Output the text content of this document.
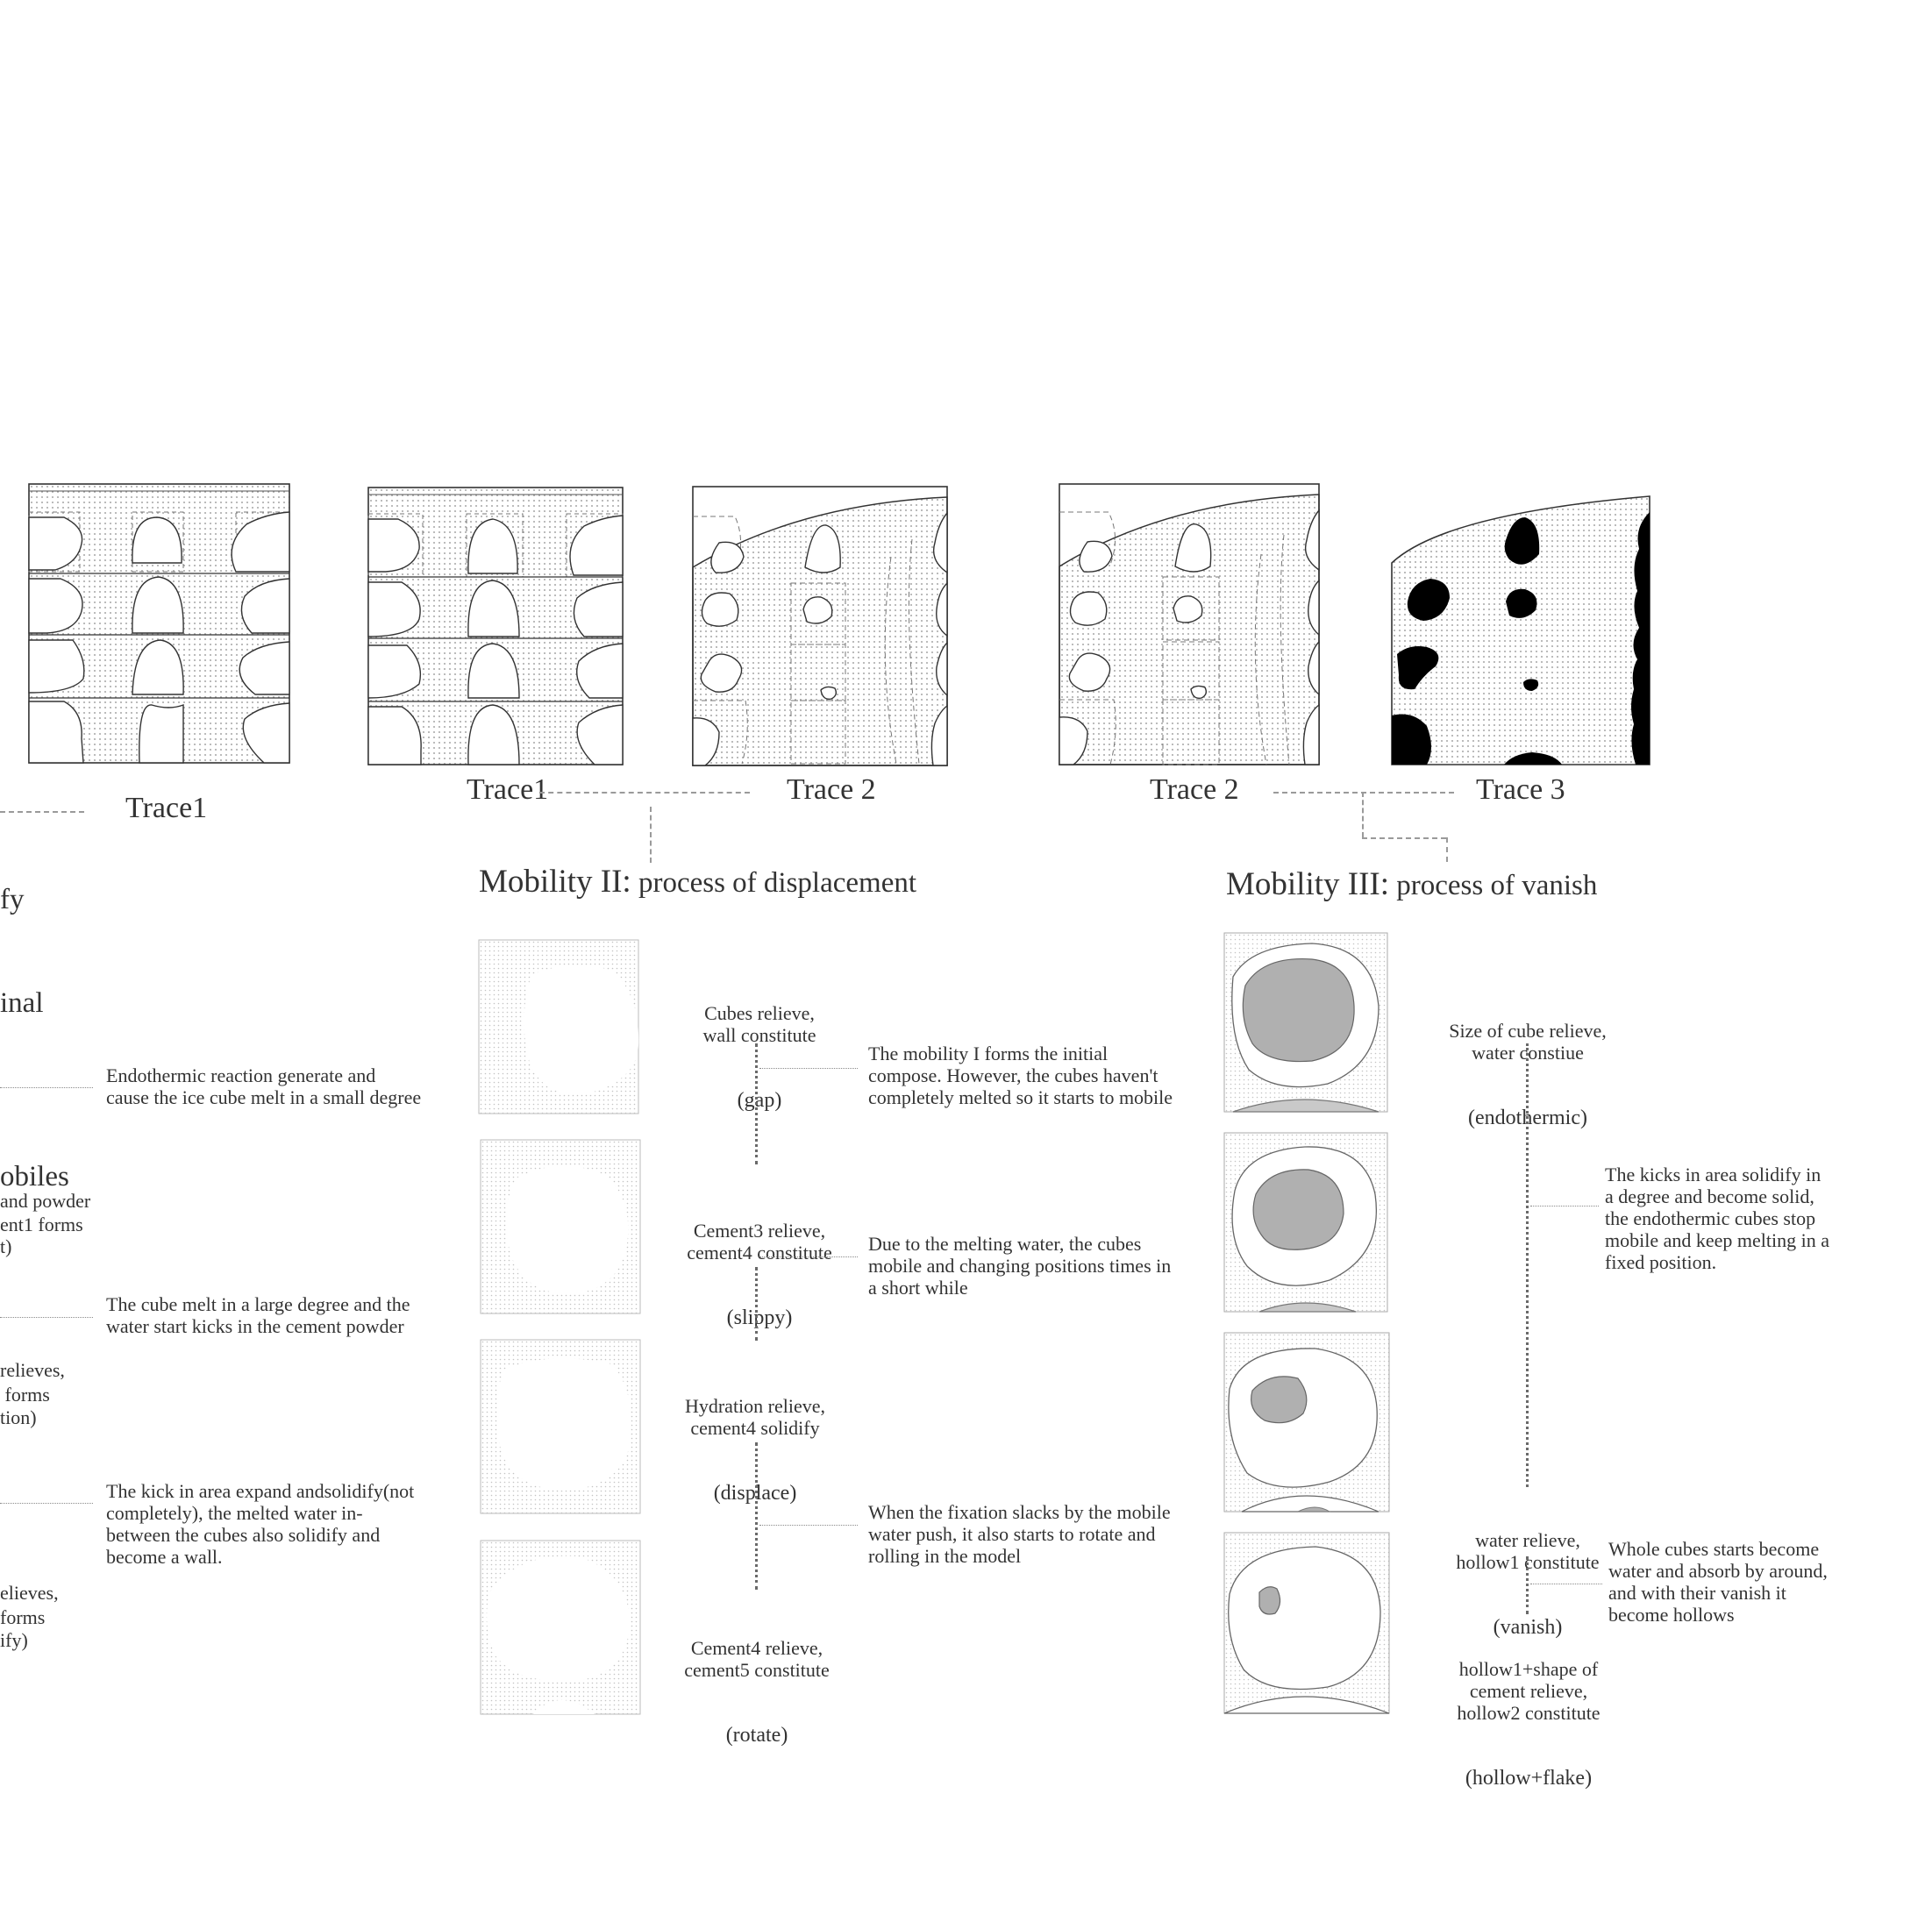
Trace1
Trace1	Trace 2	Trace 2	Trace 3
Mobility II: process of displacement	Mobility III: process of vanish
fy
inal
obiles
and powder
ent1 forms
t)
relieves,
forms
tion)
elieves,
forms
ify)
Endothermic reaction generate and
cause the ice cube melt in a small degree
The cube melt in a large degree and the
water start kicks in the cement powder
The kick in area expand andsolidify(not
completely), the melted water in-
between the cubes also solidify and
become a wall.

Cubes relieve,
wall constitute

(gap)

Cement3 relieve,
cement4 constitute

(slippy)

Hydration relieve,
cement4 solidify

(displace)

Cement4 relieve,
cement5 constitute

(rotate)

The mobility I forms the initial
compose. However, the cubes haven't
completely melted so it starts to mobile
Due to the melting water, the cubes
mobile and changing positions times in
a short while
When the fixation slacks by the mobile
water push, it also starts to rotate and
rolling in the model

Size of cube relieve,
water constiue

(endothermic)

water relieve,
hollow1 constitute

(vanish)

hollow1+shape of
cement relieve,
hollow2 constitute

(hollow+flake)

The kicks in area solidify in
a degree and become solid,
the endothermic cubes stop
mobile and keep melting in a
fixed position.
Whole cubes starts become
water and absorb by around,
and with their vanish it
become hollows
